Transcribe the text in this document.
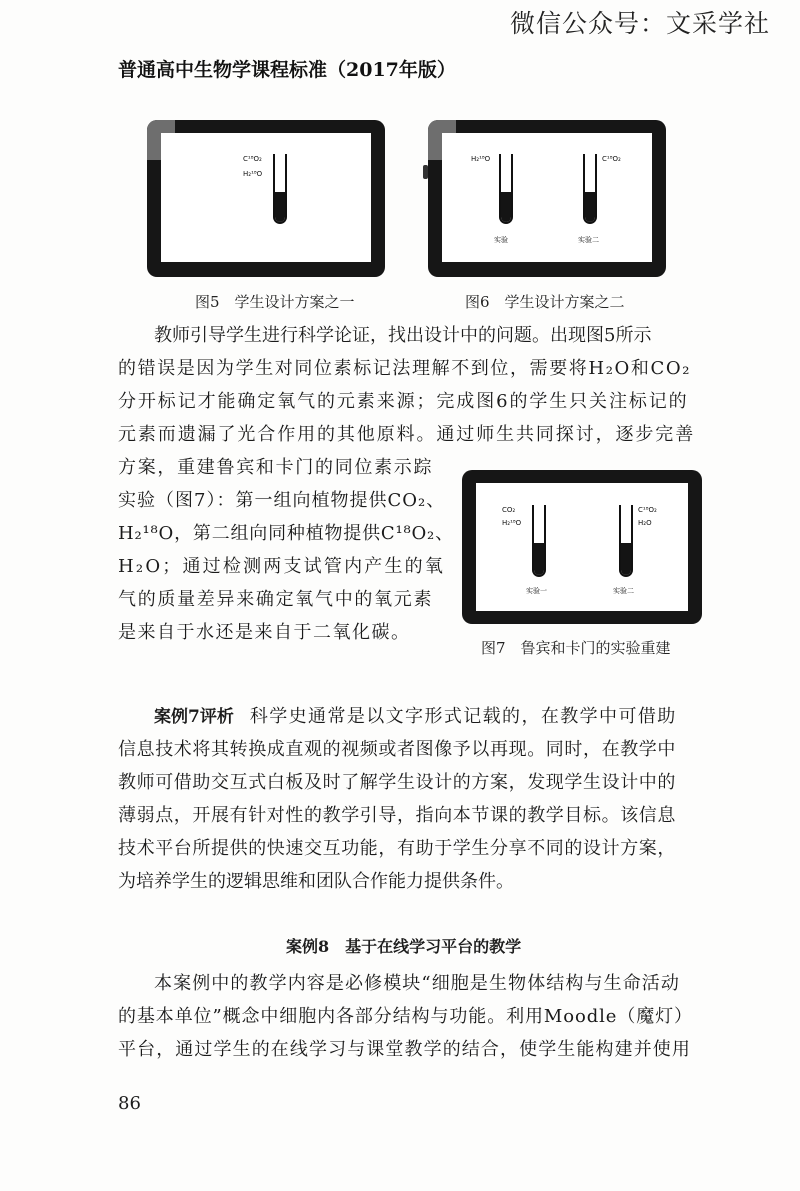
微信公众号：文采学社
普通高中生物学课程标准（2017年版）
C¹⁸O₂
H₂¹⁸O
图5　学生设计方案之一
H₂¹⁸O
实验
C¹⁸O₂
实验二
图6　学生设计方案之二
教师引导学生进行科学论证，找出设计中的问题。出现图5所示
的错误是因为学生对同位素标记法理解不到位，需要将H₂O和CO₂
分开标记才能确定氧气的元素来源；完成图6的学生只关注标记的
元素而遗漏了光合作用的其他原料。通过师生共同探讨，逐步完善
方案，重建鲁宾和卡门的同位素示踪
实验（图7）：第一组向植物提供CO₂、
H₂¹⁸O，第二组向同种植物提供C¹⁸O₂、
H₂O；通过检测两支试管内产生的氧
气的质量差异来确定氧气中的氧元素
是来自于水还是来自于二氧化碳。
CO₂
H₂¹⁸O
实验一
C¹⁸O₂
H₂O
实验二
图7　鲁宾和卡门的实验重建
案例7评析 科学史通常是以文字形式记载的，在教学中可借助
信息技术将其转换成直观的视频或者图像予以再现。同时，在教学中
教师可借助交互式白板及时了解学生设计的方案，发现学生设计中的
薄弱点，开展有针对性的教学引导，指向本节课的教学目标。该信息
技术平台所提供的快速交互功能，有助于学生分享不同的设计方案，
为培养学生的逻辑思维和团队合作能力提供条件。
案例8　基于在线学习平台的教学
本案例中的教学内容是必修模块“细胞是生物体结构与生命活动
的基本单位”概念中细胞内各部分结构与功能。利用Moodle（魔灯）
平台，通过学生的在线学习与课堂教学的结合，使学生能构建并使用
86
